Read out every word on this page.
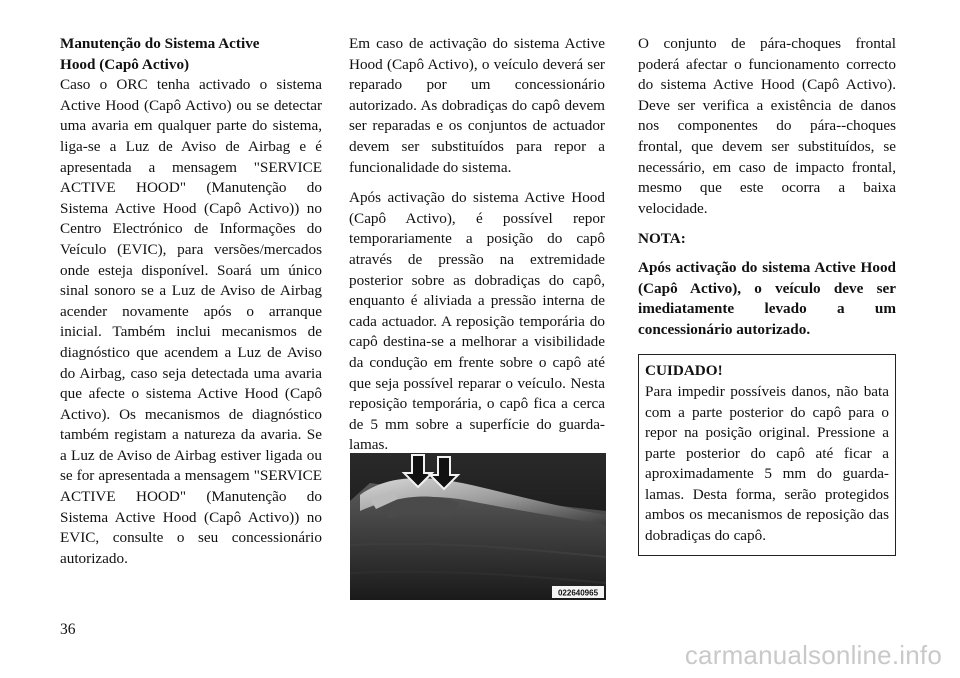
Manutenção do Sistema Active
Hood (Capô Activo)

Caso o ORC tenha activado o sistema Active Hood (Capô Activo) ou se detectar uma avaria em qualquer parte do sistema, liga-se a Luz de Aviso de Airbag e é apresentada a mensagem "SERVICE ACTIVE HOOD" (Manutenção do Sistema Active Hood (Capô Activo)) no Centro Electrónico de Informações do Veículo (EVIC), para versões/mercados onde esteja disponível. Soará um único sinal sonoro se a Luz de Aviso de Airbag acender novamente após o arranque inicial. Também inclui mecanismos de diagnóstico que acendem a Luz de Aviso do Airbag, caso seja detectada uma avaria que afecte o sistema Active Hood (Capô Activo). Os mecanismos de diagnóstico também registam a natureza da avaria. Se a Luz de Aviso de Airbag estiver ligada ou se for apresentada a mensagem "SERVICE ACTIVE HOOD" (Manutenção do Sistema Active Hood (Capô Activo)) no EVIC, consulte o seu concessionário autorizado.

Em caso de activação do sistema Active Hood (Capô Activo), o veículo deverá ser reparado por um concessionário autorizado. As dobradiças do capô devem ser reparadas e os conjuntos de actuador devem ser substituídos para repor a funcionalidade do sistema.

Após activação do sistema Active Hood (Capô Activo), é possível repor temporariamente a posição do capô através de pressão na extremidade posterior sobre as dobradiças do capô, enquanto é aliviada a pressão interna de cada actuador. A reposição temporária do capô destina-se a melhorar a visibilidade da condução em frente sobre o capô até que seja possível reparar o veículo. Nesta reposição temporária, o capô fica a cerca de 5 mm sobre a superfície do guarda-lamas.

022640965

O conjunto de pára-choques frontal poderá afectar o funcionamento correcto do sistema Active Hood (Capô Activo). Deve ser verifica a existência de danos nos componentes do pára--choques frontal, que devem ser substituídos, se necessário, em caso de impacto frontal, mesmo que este ocorra a baixa velocidade.

NOTA:
Após activação do sistema Active Hood (Capô Activo), o veículo deve ser imediatamente levado a um concessionário autorizado.
CUIDADO!
Para impedir possíveis danos, não bata com a parte posterior do capô para o repor na posição original. Pressione a parte posterior do capô até ficar a aproximadamente 5 mm do guarda-lamas. Desta forma, serão protegidos ambos os mecanismos de reposição das dobradiças do capô.
36
carmanualsonline.info
